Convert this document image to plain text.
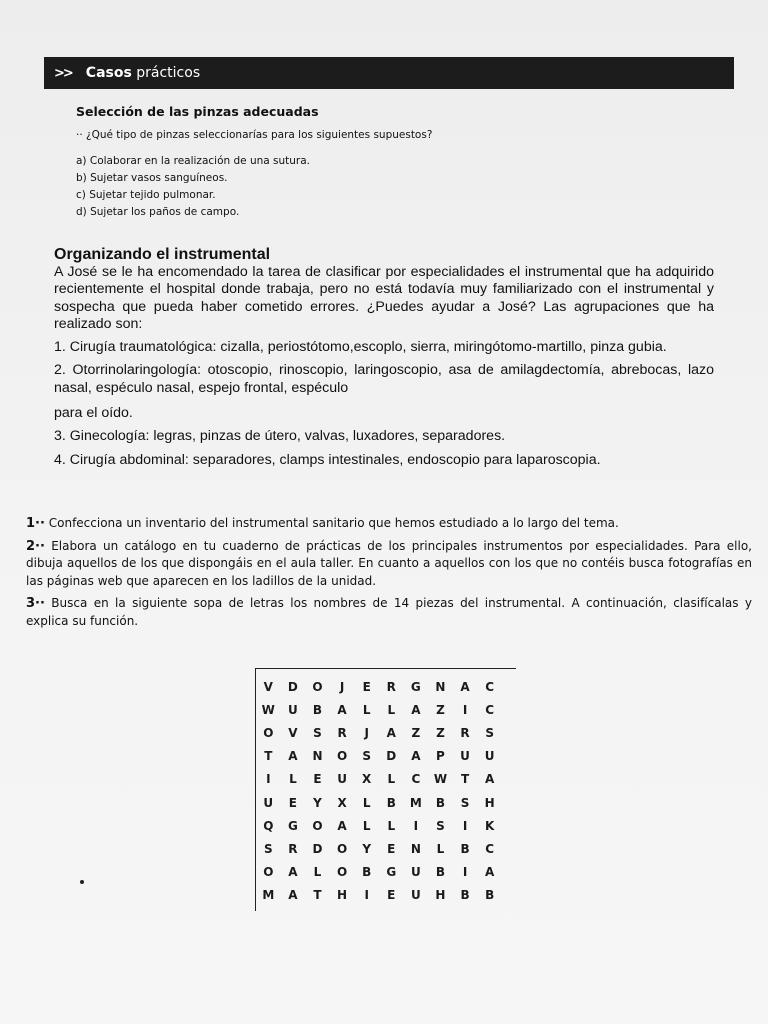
>> Casos prácticos

Selección de las pinzas adecuadas

·· ¿Qué tipo de pinzas seleccionarías para los siguientes supuestos?

a) Colaborar en la realización de una sutura.
b) Sujetar vasos sanguíneos.
c) Sujetar tejido pulmonar.
d) Sujetar los paños de campo.

Organizando el instrumental

A José se le ha encomendado la tarea de clasificar por especialidades el instrumental que ha adquirido recientemente el hospital donde trabaja, pero no está todavía muy familiarizado con el instrumental y sospecha que pueda haber cometido errores. ¿Puedes ayudar a José? Las agrupaciones que ha realizado son:

1. Cirugía traumatológica: cizalla, periostótomo,escoplo, sierra, miringótomo-martillo, pinza gubia.

2. Otorrinolaringología: otoscopio, rinoscopio, laringoscopio, asa de amilagdectomía, abrebocas, lazo nasal, espéculo nasal, espejo frontal, espéculo

para el oído.

3. Ginecología: legras, pinzas de útero, valvas, luxadores, separadores.

4. Cirugía abdominal: separadores, clamps intestinales, endoscopio para laparoscopia.

1·· Confecciona un inventario del instrumental sanitario que hemos estudiado a lo largo del tema.

2·· Elabora un catálogo en tu cuaderno de prácticas de los principales instrumentos por especialidades. Para ello, dibuja aquellos de los que dispongáis en el aula taller. En cuanto a aquellos con los que no contéis busca fotografías en las páginas web que aparecen en los ladillos de la unidad.

3·· Busca en la siguiente sopa de letras los nombres de 14 piezas del instrumental. A continuación, clasifícalas y explica su función.

V	D	O	J	E	R	G	N	A	C
W	U	B	A	L	L	A	Z	I	C
O	V	S	R	J	A	Z	Z	R	S
T	A	N	O	S	D	A	P	U	U
I	L	E	U	X	L	C	W	T	A
U	E	Y	X	L	B	M	B	S	H
Q	G	O	A	L	L	I	S	I	K
S	R	D	O	Y	E	N	L	B	C
O	A	L	O	B	G	U	B	I	A
M	A	T	H	I	E	U	H	B	B
